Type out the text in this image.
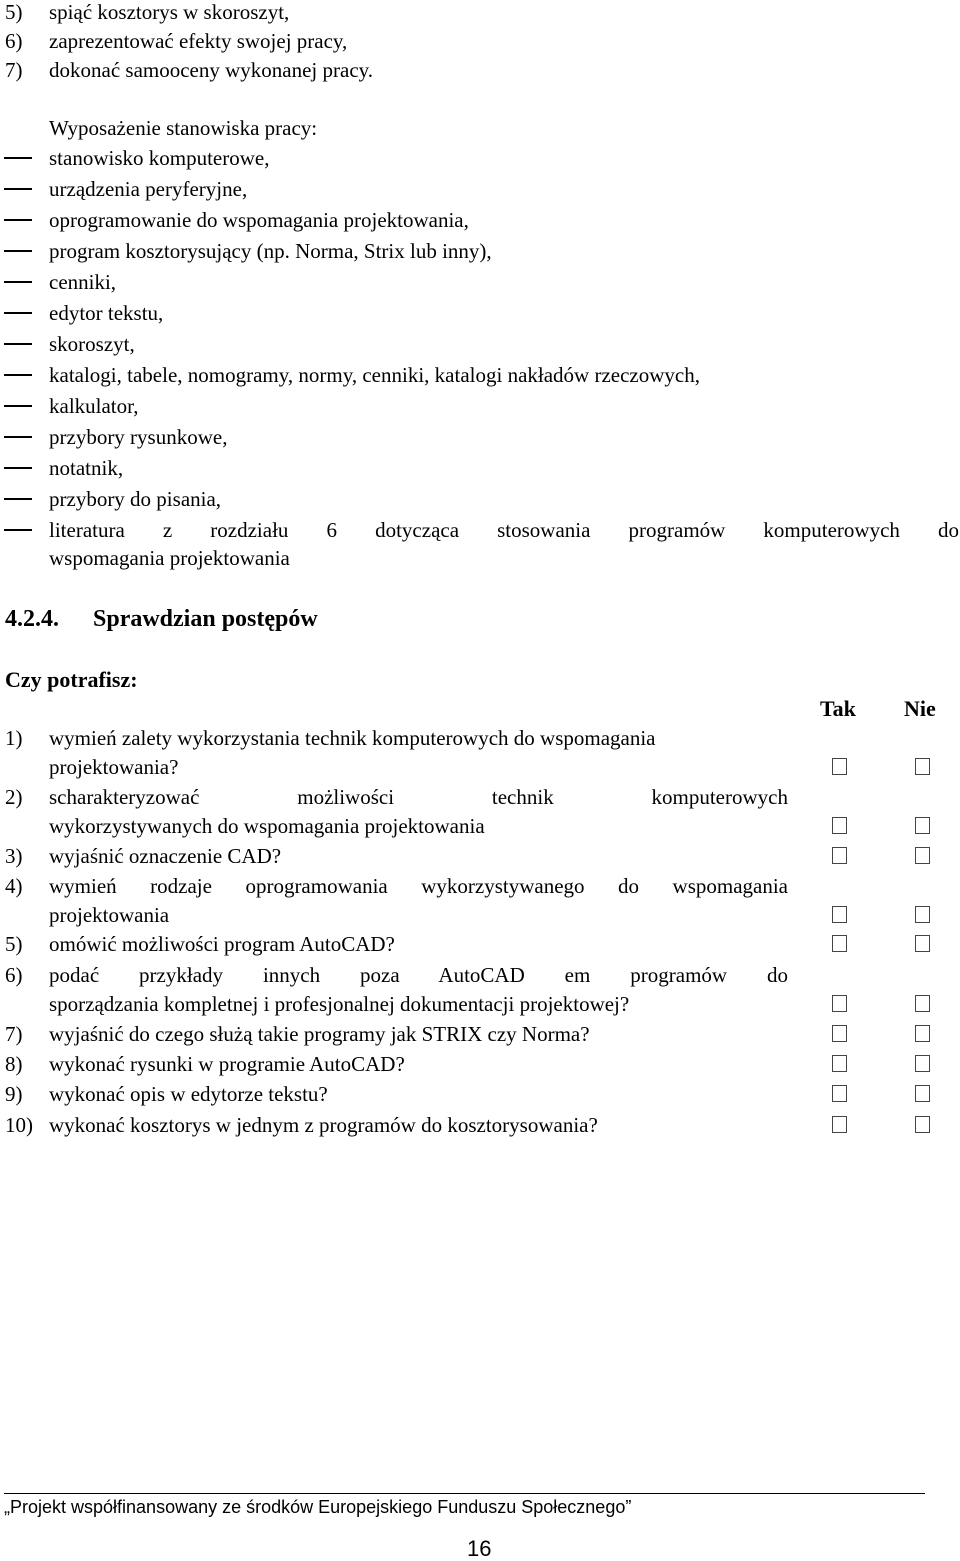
5) spiąć kosztorys w skoroszyt,
6) zaprezentować efekty swojej pracy,
7) dokonać samooceny wykonanej pracy.
Wyposażenie stanowiska pracy:
stanowisko komputerowe,
urządzenia peryferyjne,
oprogramowanie do wspomagania projektowania,
program kosztorysujący (np. Norma, Strix lub inny),
cenniki,
edytor tekstu,
skoroszyt,
katalogi, tabele, nomogramy, normy, cenniki, katalogi nakładów rzeczowych,
kalkulator,
przybory rysunkowe,
notatnik,
przybory do pisania,
literatura z rozdziału 6 dotycząca stosowania programów komputerowych do
wspomagania projektowania
4.2.4. Sprawdzian postępów
Czy potrafisz:
Tak Nie
1) wymień zalety wykorzystania technik komputerowych do wspomagania
projektowania?
2) scharakteryzować możliwości technik komputerowych
wykorzystywanych do wspomagania projektowania
3) wyjaśnić oznaczenie CAD?
4) wymień rodzaje oprogramowania wykorzystywanego do wspomagania
projektowania
5) omówić możliwości program AutoCAD?
6) podać przykłady innych poza AutoCAD em programów do
sporządzania kompletnej i profesjonalnej dokumentacji projektowej?
7) wyjaśnić do czego służą takie programy jak STRIX czy Norma?
8) wykonać rysunki w programie AutoCAD?
9) wykonać opis w edytorze tekstu?
10) wykonać kosztorys w jednym z programów do kosztorysowania?
„Projekt współfinansowany ze środków Europejskiego Funduszu Społecznego”
16
